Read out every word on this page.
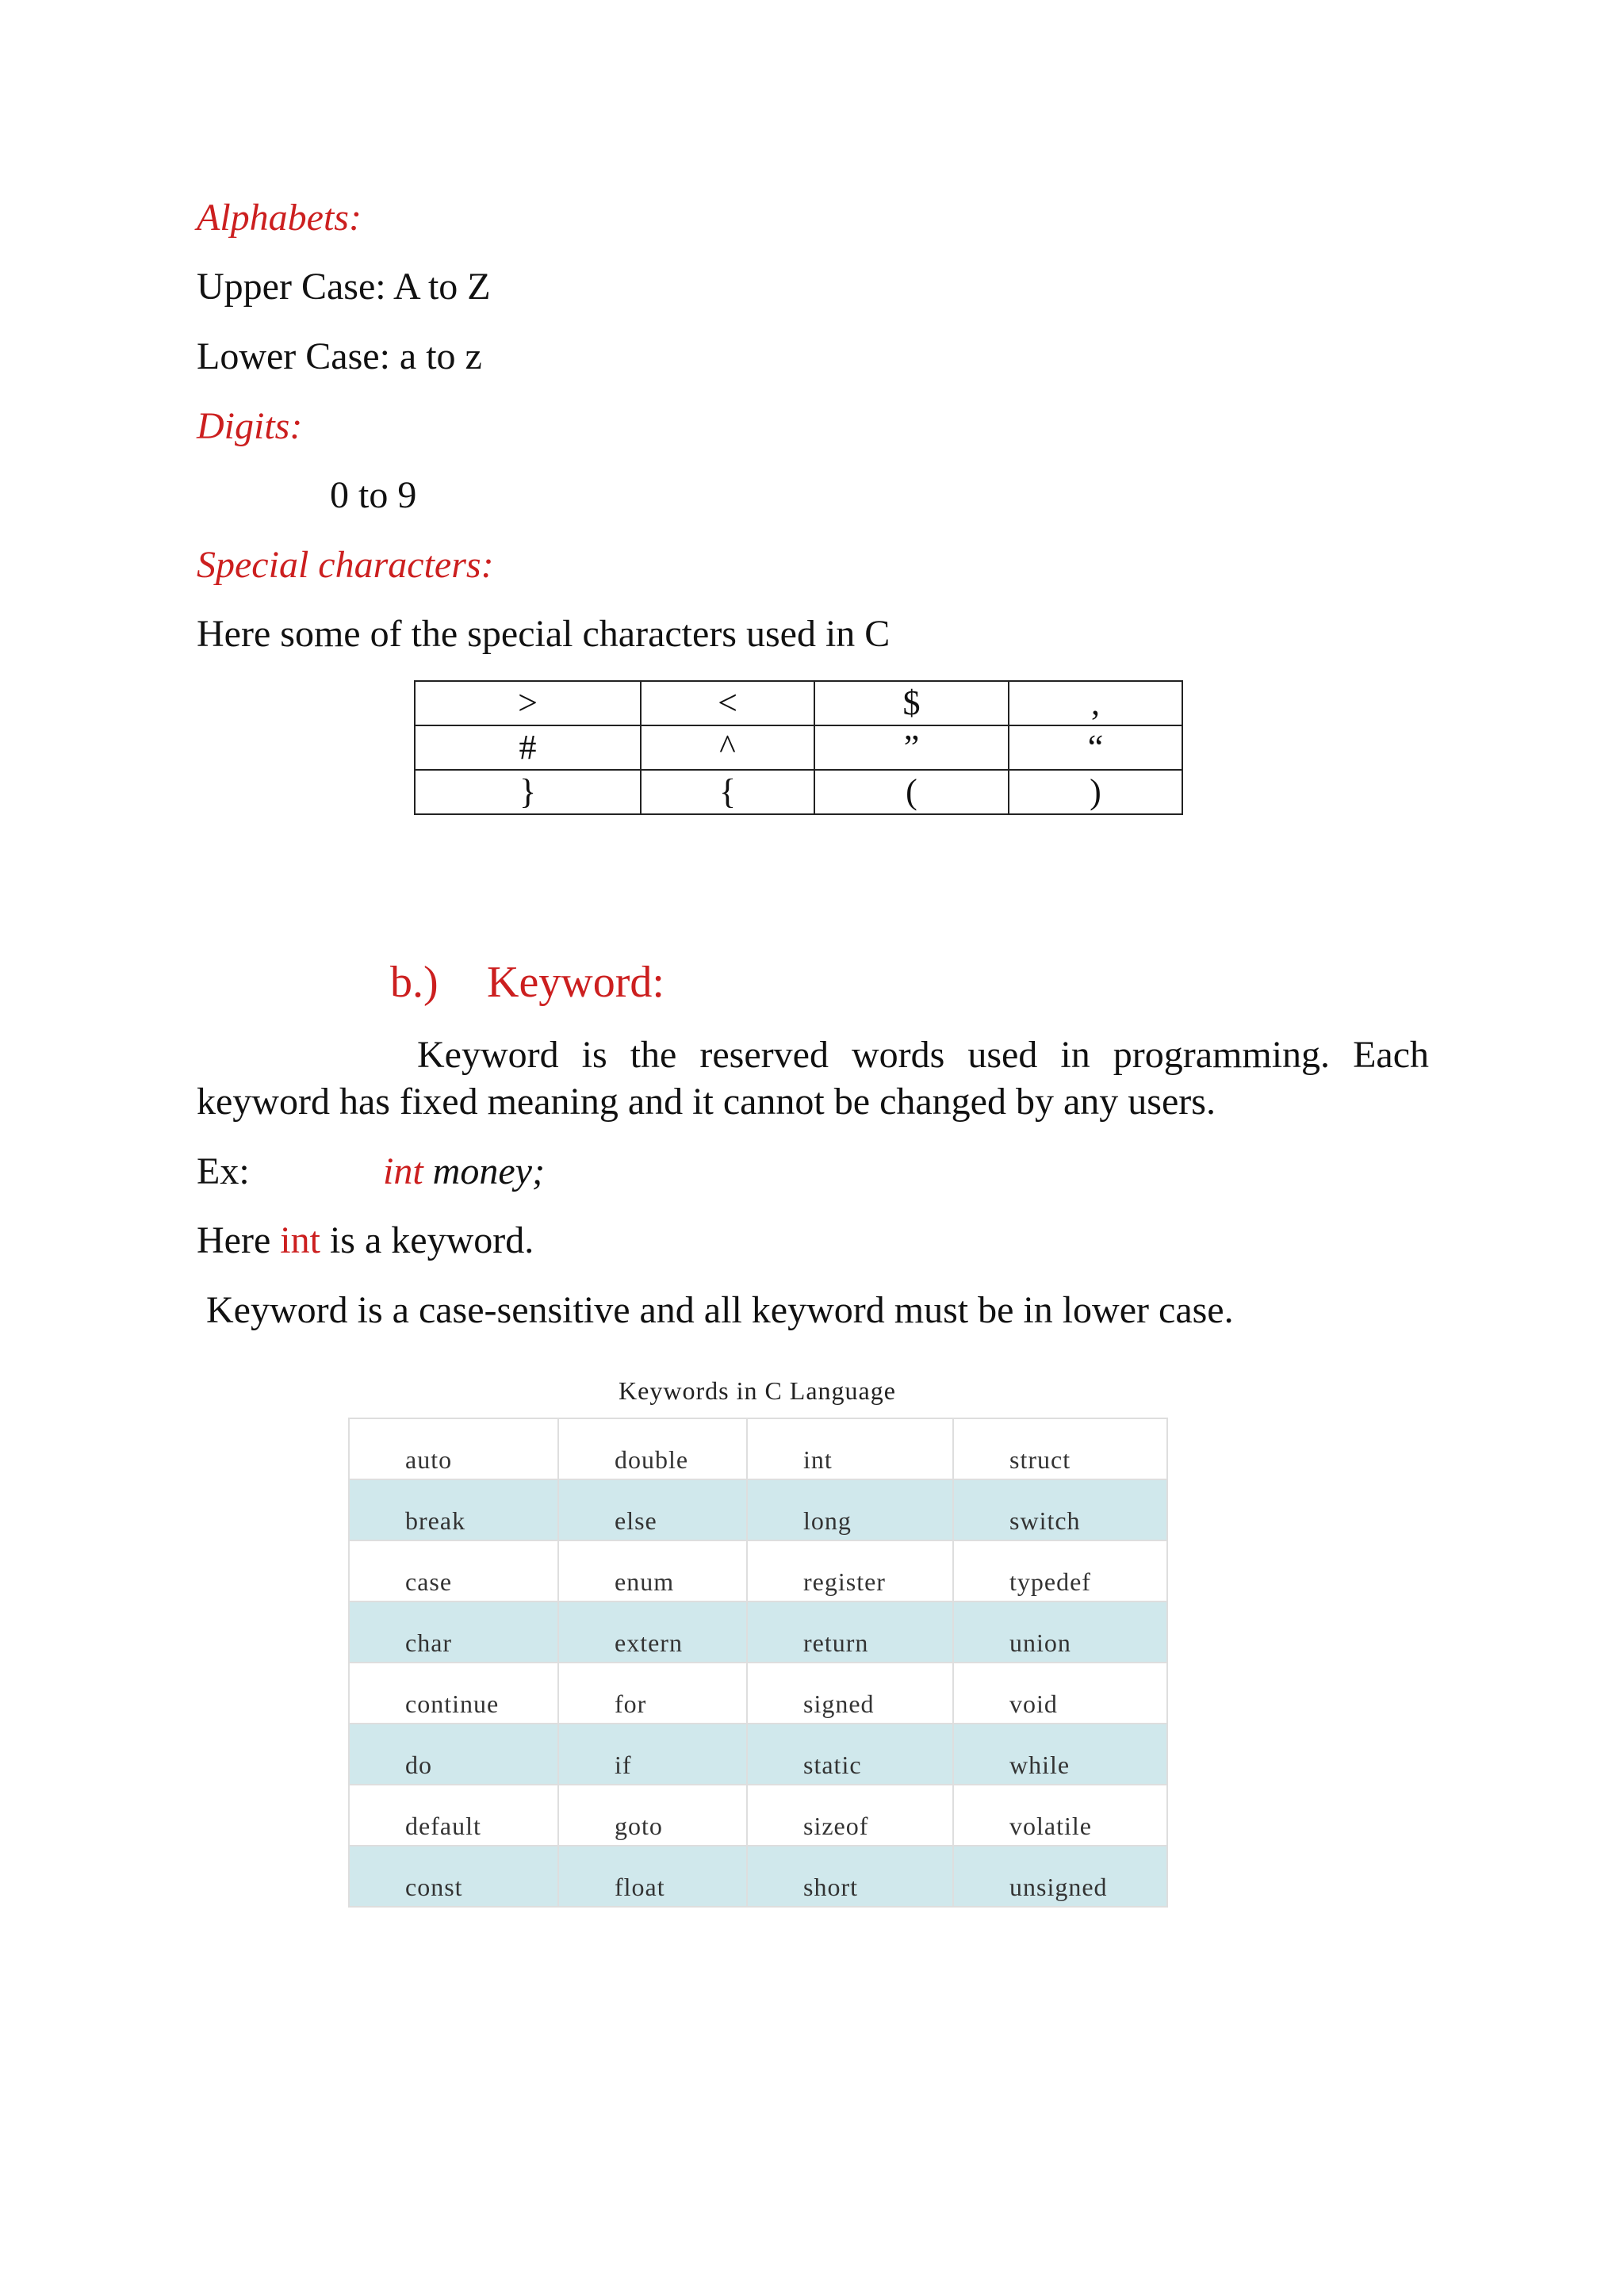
Alphabets:
Upper Case: A to Z
Lower Case: a to z
Digits:
0 to 9
Special characters:
Here some of the special characters used in C
>	<	$	,
#	^	”	“
}	{	(	)
b.) Keyword:
Keyword is the reserved words used in programming. Each
keyword has fixed meaning and it cannot be changed by any users.
Ex:	int money;
Here int is a keyword.
Keyword is a case-sensitive and all keyword must be in lower case.
Keywords in C Language
auto	double	int	struct
break	else	long	switch
case	enum	register	typedef
char	extern	return	union
continue	for	signed	void
do	if	static	while
default	goto	sizeof	volatile
const	float	short	unsigned
